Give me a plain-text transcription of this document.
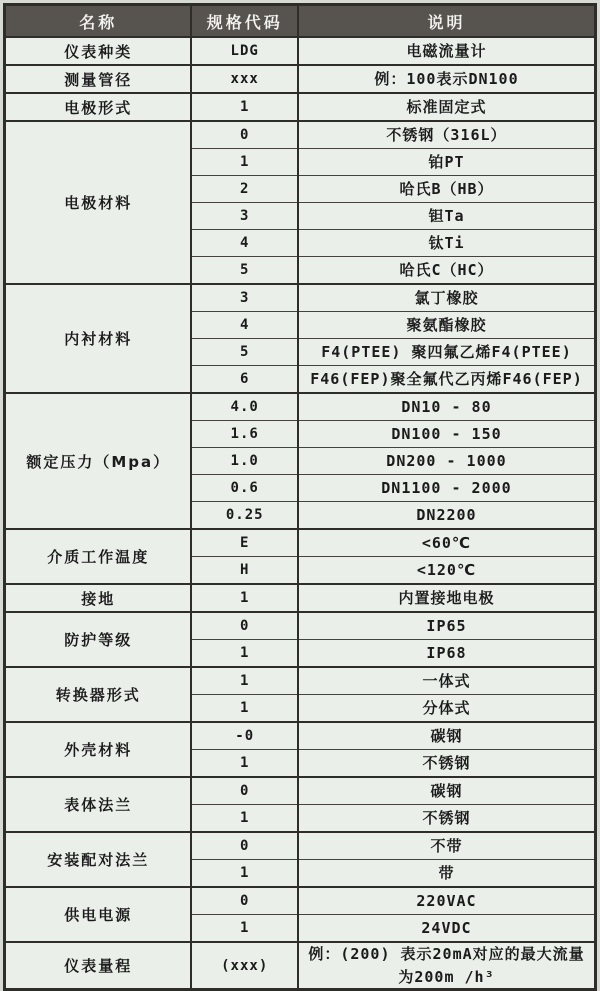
名称	规格代码	说明
仪表种类	LDG	电磁流量计
测量管径	xxx	例：100表示DN100
电极形式	1	标准固定式
电极材料	0	不锈钢（316L）
	1	铂PT
	2	哈氏B（HB）
	3	钽Ta
	4	钛Ti
	5	哈氏C（HC）
内衬材料	3	氯丁橡胶
	4	聚氨酯橡胶
	5	F4(PTEE) 聚四氟乙烯F4(PTEE)
	6	F46(FEP)聚全氟代乙丙烯F46(FEP)
额定压力（Mpa）	4.0	DN10 - 80
	1.6	DN100 - 150
	1.0	DN200 - 1000
	0.6	DN1100 - 2000
	0.25	DN2200
介质工作温度	E	<60℃
	H	<120℃
接地	1	内置接地电极
防护等级	0	IP65
	1	IP68
转换器形式	1	一体式
	1	分体式
外壳材料	-0	碳钢
	1	不锈钢
表体法兰	0	碳钢
	1	不锈钢
安装配对法兰	0	不带
	1	带
供电电源	0	220VAC
	1	24VDC
仪表量程	(xxx)	例：(200) 表示20mA对应的最大流量为200m /h³
